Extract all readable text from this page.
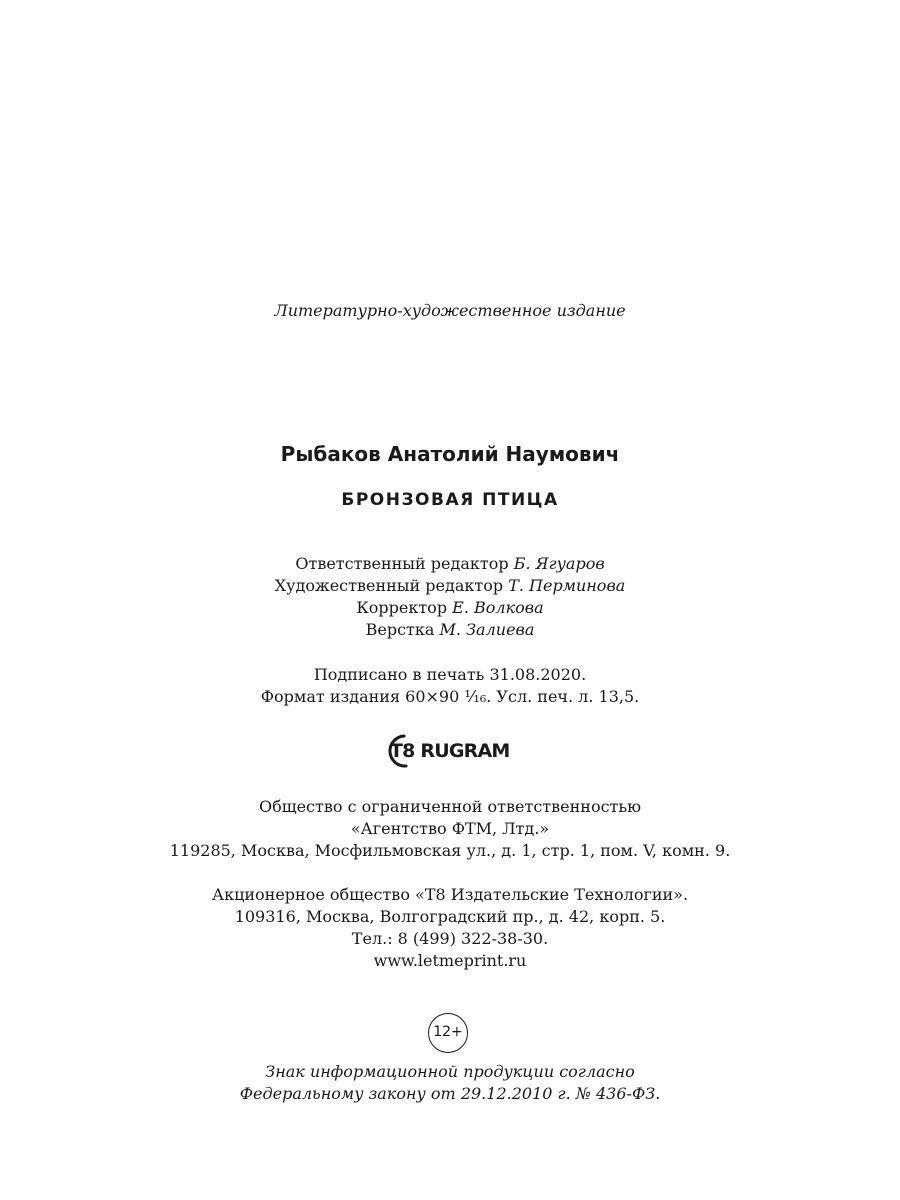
Литературно-художественное издание
Рыбаков Анатолий Наумович
БРОНЗОВАЯ ПТИЦА
Ответственный редактор Б. Ягуаров
Художественный редактор Т. Перминова
Корректор Е. Волкова
Верстка М. Залиева
Подписано в печать 31.08.2020.
Формат издания 60×90 ¹⁄₁₆. Усл. печ. л. 13,5.
T8 RUGRAM
Общество с ограниченной ответственностью
«Агентство ФТМ, Лтд.»
119285, Москва, Мосфильмовская ул., д. 1, стр. 1, пом. V, комн. 9.
Акционерное общество «Т8 Издательские Технологии».
109316, Москва, Волгоградский пр., д. 42, корп. 5.
Тел.: 8 (499) 322-38-30.
www.letmeprint.ru
12+
Знак информационной продукции согласно
Федеральному закону от 29.12.2010 г. № 436-ФЗ.
